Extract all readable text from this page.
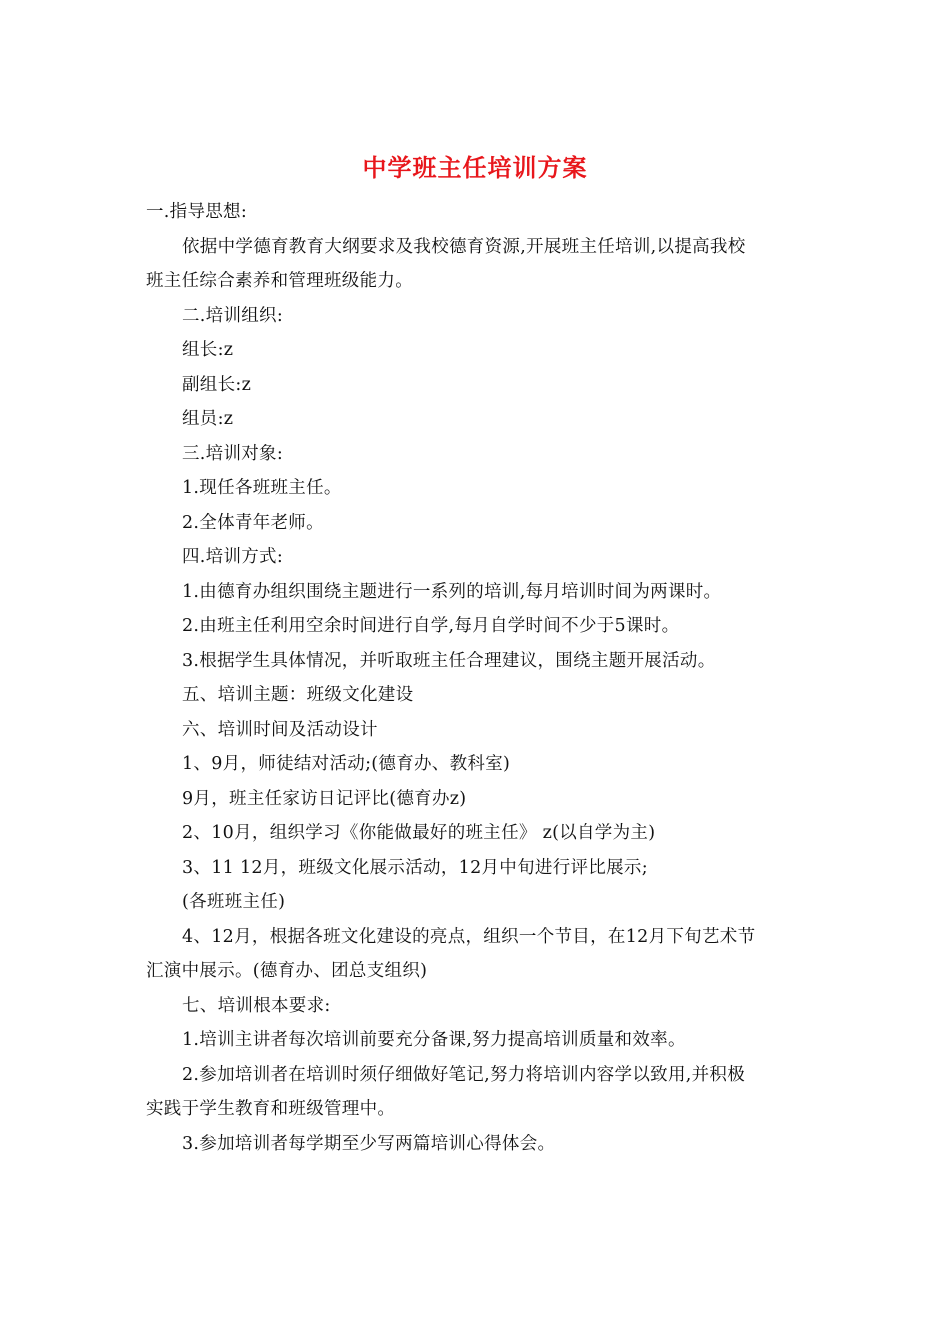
中学班主任培训方案
一.指导思想:
依据中学德育教育大纲要求及我校德育资源,开展班主任培训,以提高我校
班主任综合素养和管理班级能力。
二.培训组织:
组长:z
副组长:z
组员:z
三.培训对象:
1.现任各班班主任。
2.全体青年老师。
四.培训方式:
1.由德育办组织围绕主题进行一系列的培训,每月培训时间为两课时。
2.由班主任利用空余时间进行自学,每月自学时间不少于5课时。
3.根据学生具体情况，并听取班主任合理建议，围绕主题开展活动。
五、培训主题：班级文化建设
六、培训时间及活动设计
1、9月，师徒结对活动;(德育办、教科室)
9月，班主任家访日记评比(德育办z)
2、10月，组织学习《你能做最好的班主任》 z(以自学为主)
3、11 12月，班级文化展示活动，12月中旬进行评比展示;
(各班班主任)
4、12月，根据各班文化建设的亮点，组织一个节目，在12月下旬艺术节
汇演中展示。(德育办、团总支组织)
七、培训根本要求:
1.培训主讲者每次培训前要充分备课,努力提高培训质量和效率。
2.参加培训者在培训时须仔细做好笔记,努力将培训内容学以致用,并积极
实践于学生教育和班级管理中。
3.参加培训者每学期至少写两篇培训心得体会。
